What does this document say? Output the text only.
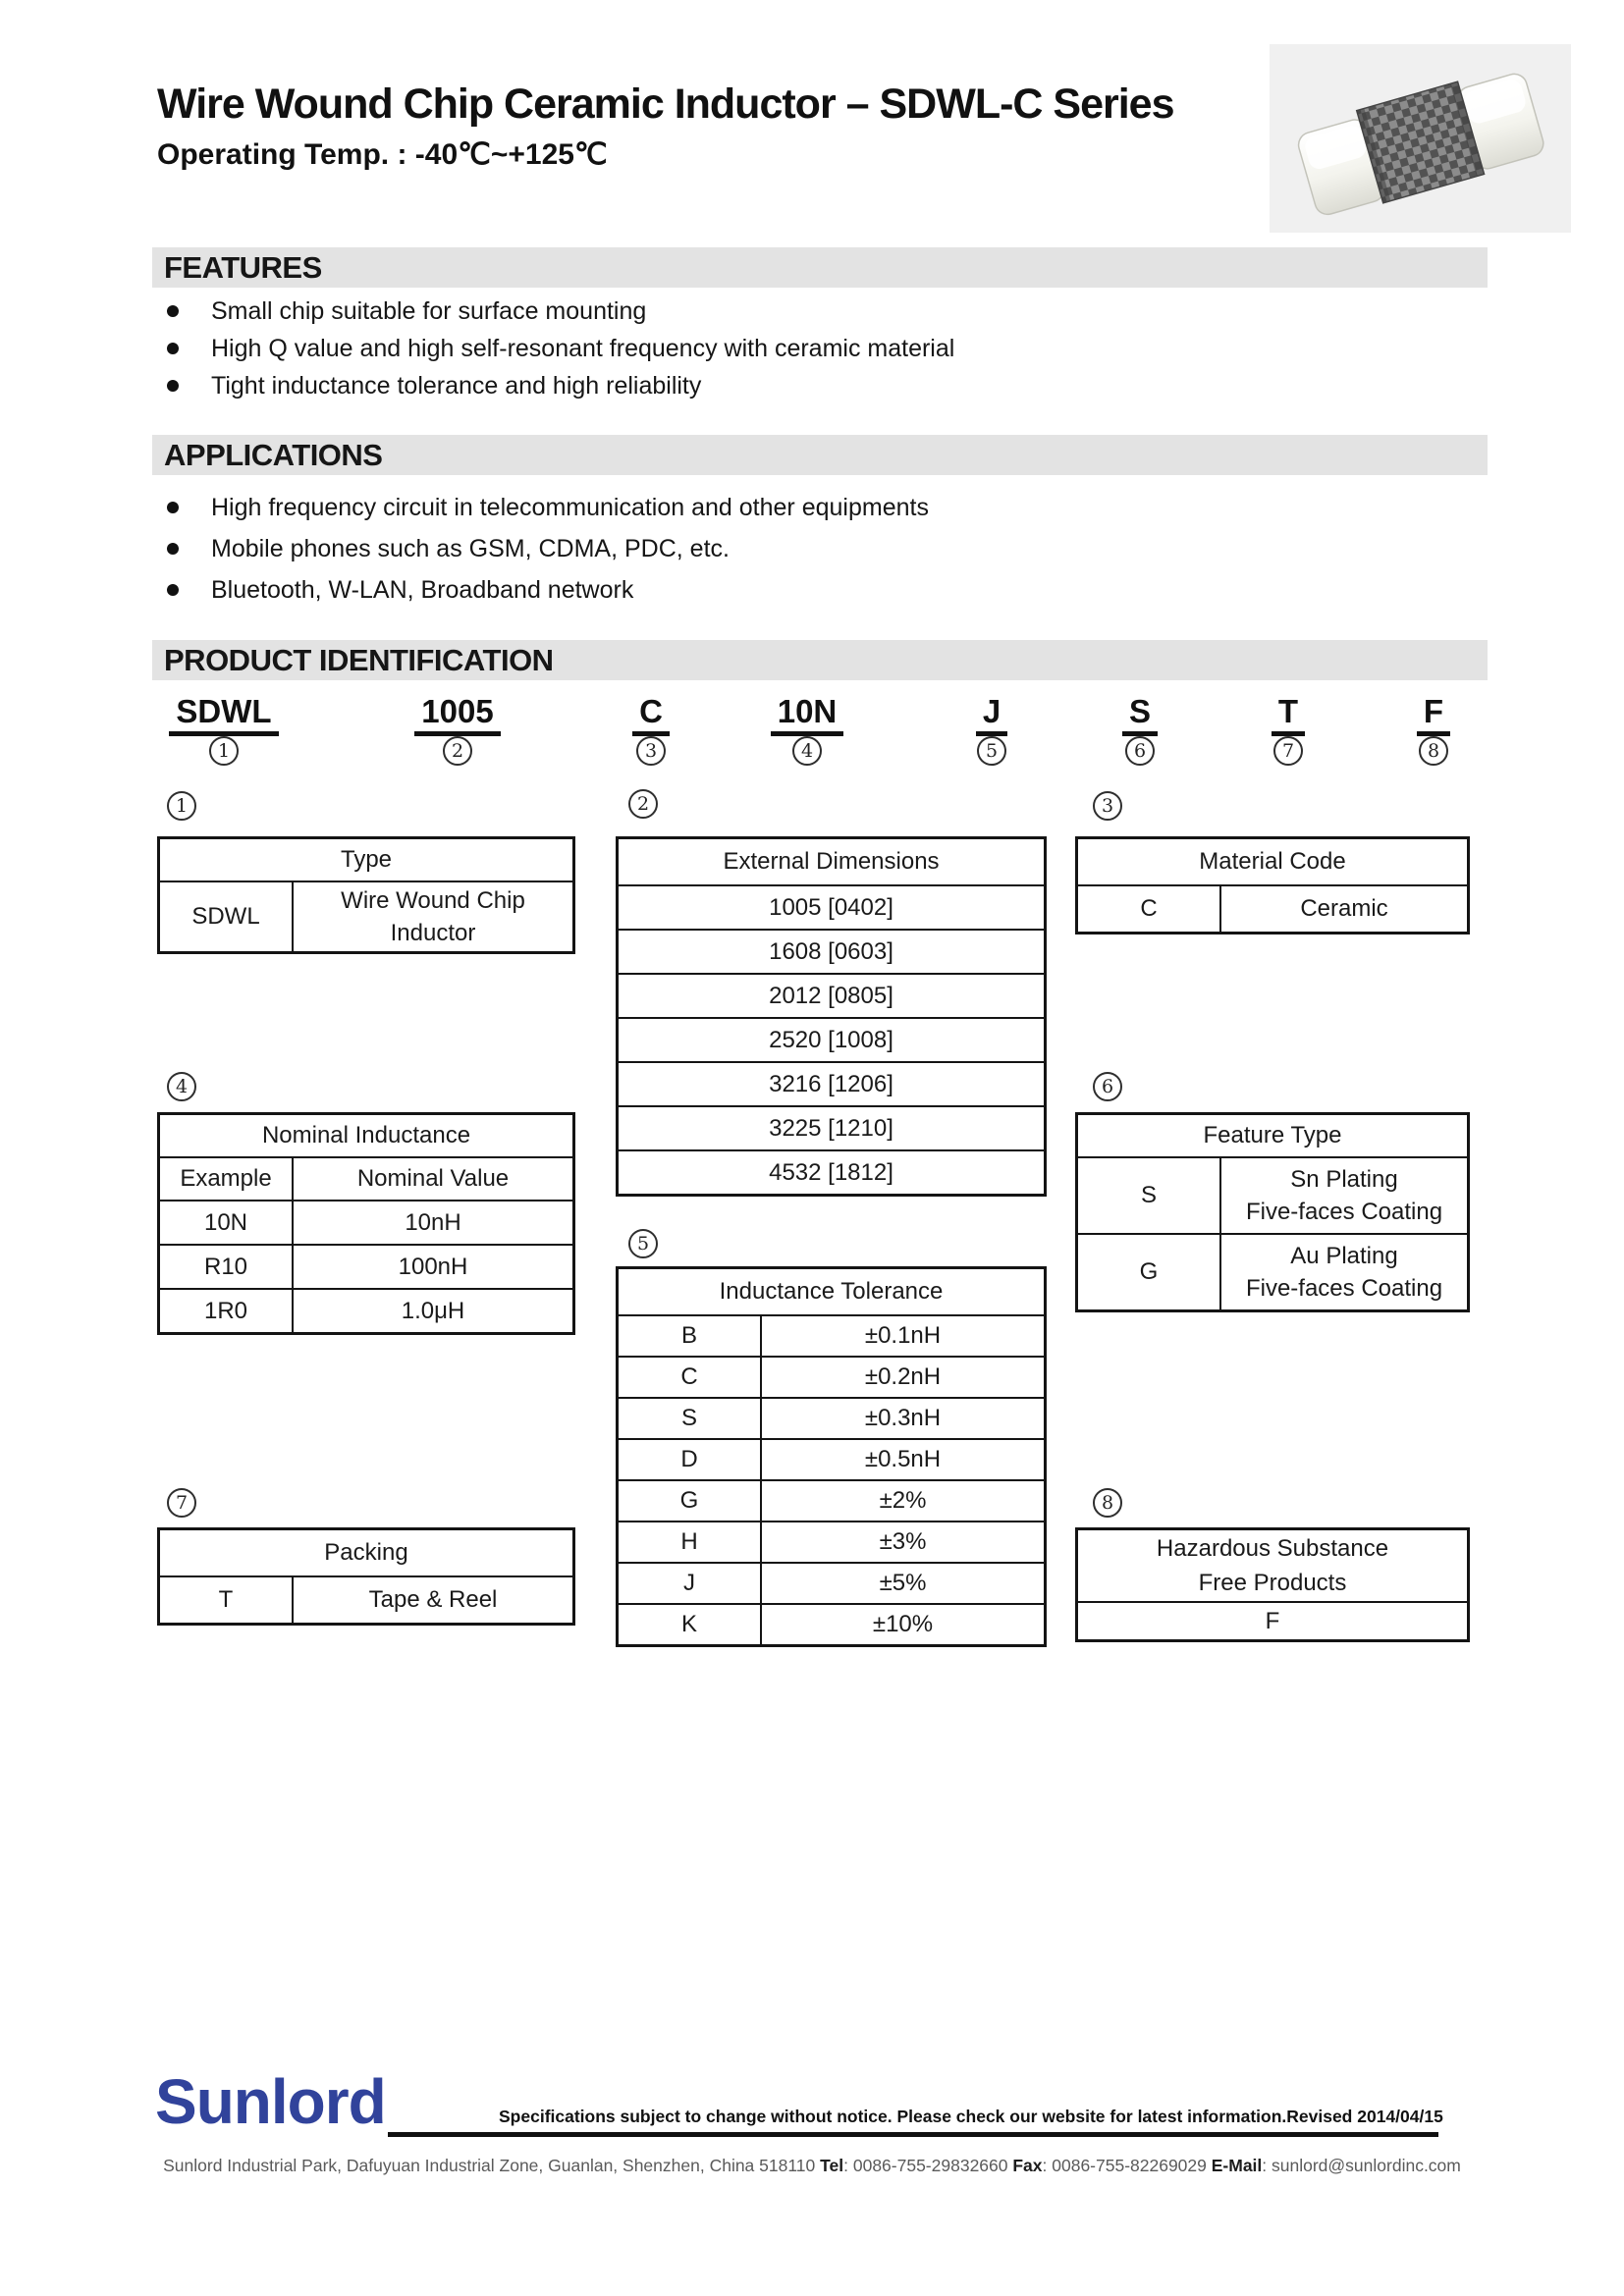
Wire Wound Chip Ceramic Inductor – SDWL-C Series
Operating Temp. : -40℃~+125℃
FEATURES
Small chip suitable for surface mounting
High Q value and high self-resonant frequency with ceramic material
Tight inductance tolerance and high reliability
APPLICATIONS
High frequency circuit in telecommunication and other equipments
Mobile phones such as GSM, CDMA, PDC, etc.
Bluetooth, W-LAN, Broadband network
PRODUCT IDENTIFICATION
SDWL
1
1005
2
C
3
10N
4
J
5
S
6
T
7
F
8
1	2	3
4
5
6
7	8
Type
SDWL	Wire Wound Chip Inductor
External Dimensions
1005 [0402]
1608 [0603]
2012 [0805]
2520 [1008]
3216 [1206]
3225 [1210]
4532 [1812]
Material Code
C	Ceramic
Nominal Inductance	
Example	Nominal Value
10N	10nH
R10	100nH
1R0	1.0μH
Inductance Tolerance	
B	±0.1nH
C	±0.2nH
S	±0.3nH
D	±0.5nH
G	±2%
H	±3%
J	±5%
K	±10%
Feature Type	
S	Sn Plating
Five-faces Coating

G	Au Plating
Five-faces Coating
Packing
T	Tape & Reel
Hazardous Substance
Free Products

F
Sunlord	Specifications subject to change without notice. Please check our website for latest information. Revised 2014/04/15
Sunlord Industrial Park, Dafuyuan Industrial Zone, Guanlan, Shenzhen, China 518110 Tel: 0086-755-29832660 Fax: 0086-755-82269029 E-Mail: sunlord@sunlordinc.com
